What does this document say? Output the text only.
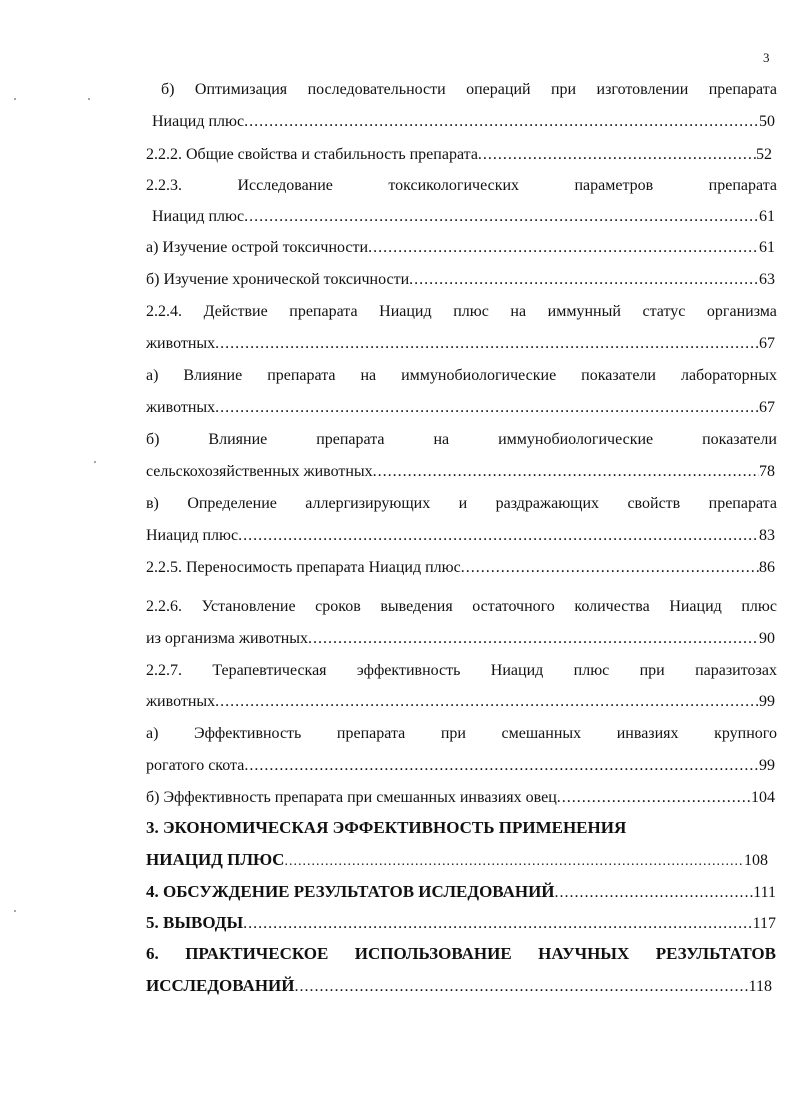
3
б) Оптимизация последовательности операций при изготовлении препарата
Ниацид плюс .....	50
2.2.2. Общие свойства и стабильность препарата .....	52
2.2.3.	Исследование	токсикологических	параметров	препарата
Ниацид плюс .....	61
а) Изучение острой токсичности .....	61
б) Изучение хронической токсичности .....	63
2.2.4. Действие препарата Ниацид плюс на иммунный статус организма
животных .....	67
а) Влияние препарата на иммунобиологические показатели лабораторных
животных .....	67
б)	Влияние	препарата	на	иммунобиологические	показатели
сельскохозяйственных животных .....	78
в) Определение аллергизирующих и раздражающих свойств препарата
Ниацид плюс .....	83
2.2.5. Переносимость препарата Ниацид плюс .....	86
2.2.6. Установление сроков выведения остаточного количества Ниацид плюс
из организма животных .....	90
2.2.7. Терапевтическая эффективность Ниацид плюс при паразитозах
животных .....	99
а) Эффективность препарата при смешанных инвазиях крупного
рогатого скота .....	99
б) Эффективность препарата при смешанных инвазиях овец .....	104
3. ЭКОНОМИЧЕСКАЯ ЭФФЕКТИВНОСТЬ ПРИМЕНЕНИЯ
НИАЦИД ПЛЮС .....	108
4. ОБСУЖДЕНИЕ РЕЗУЛЬТАТОВ ИСЛЕДОВАНИЙ .....	111
5. ВЫВОДЫ .....	117
6. ПРАКТИЧЕСКОЕ ИСПОЛЬЗОВАНИЕ НАУЧНЫХ РЕЗУЛЬТАТОВ
ИССЛЕДОВАНИЙ .....	118
